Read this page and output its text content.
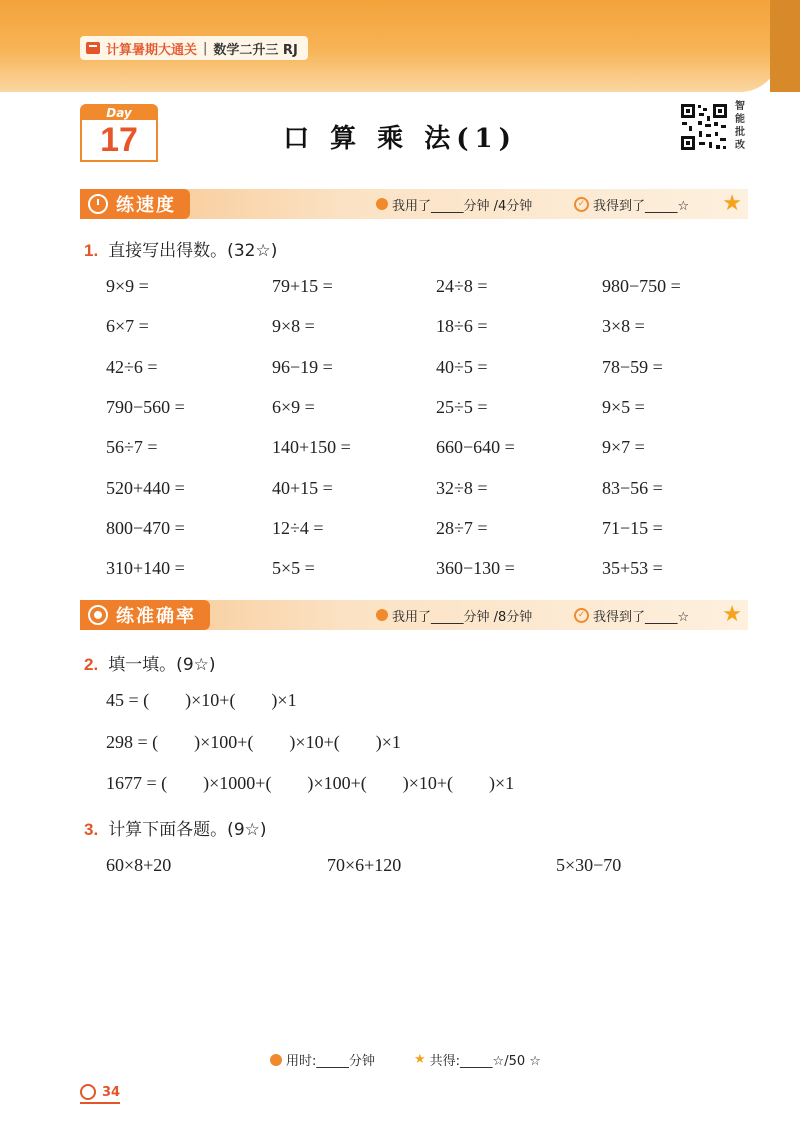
计算暑期大通关 | 数学二升三 RJ
Day
17	口 算 乘 法(1)
智能批改
练速度	我用了_____分钟 /4分钟	✓ 我得到了_____☆ ★
1. 直接写出得数。(32☆)
9×9 =	79+15 =	24÷8 =	980−750 =
6×7 =	9×8 =	18÷6 =	3×8 =
42÷6 =	96−19 =	40÷5 =	78−59 =
790−560 =	6×9 =	25÷5 =	9×5 =
56÷7 =	140+150 =	660−640 =	9×7 =
520+440 =	40+15 =	32÷8 =	83−56 =
800−470 =	12÷4 =	28÷7 =	71−15 =
310+140 =	5×5 =	360−130 =	35+53 =
练准确率	我用了_____分钟 /8分钟	✓ 我得到了_____☆ ★
2. 填一填。(9☆)
45 = (        )×10+(        )×1
298 = (        )×100+(        )×10+(        )×1
1677 = (        )×1000+(        )×100+(        )×10+(        )×1
3. 计算下面各题。(9☆)
60×8+20	70×6+120	5×30−70
用时:_____分钟	★ 共得:_____☆/50 ☆
34
